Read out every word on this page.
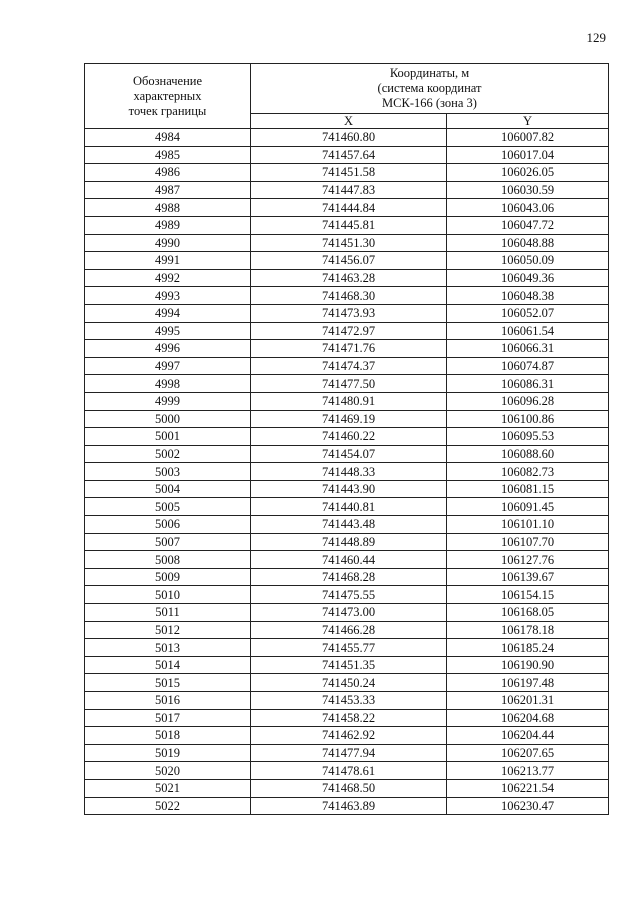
129
Обозначение
характерных
точек границы	Координаты, м
(система координат
МСК-166 (зона 3)	

	X	Y
4984	741460.80	106007.82
4985	741457.64	106017.04
4986	741451.58	106026.05
4987	741447.83	106030.59
4988	741444.84	106043.06
4989	741445.81	106047.72
4990	741451.30	106048.88
4991	741456.07	106050.09
4992	741463.28	106049.36
4993	741468.30	106048.38
4994	741473.93	106052.07
4995	741472.97	106061.54
4996	741471.76	106066.31
4997	741474.37	106074.87
4998	741477.50	106086.31
4999	741480.91	106096.28
5000	741469.19	106100.86
5001	741460.22	106095.53
5002	741454.07	106088.60
5003	741448.33	106082.73
5004	741443.90	106081.15
5005	741440.81	106091.45
5006	741443.48	106101.10
5007	741448.89	106107.70
5008	741460.44	106127.76
5009	741468.28	106139.67
5010	741475.55	106154.15
5011	741473.00	106168.05
5012	741466.28	106178.18
5013	741455.77	106185.24
5014	741451.35	106190.90
5015	741450.24	106197.48
5016	741453.33	106201.31
5017	741458.22	106204.68
5018	741462.92	106204.44
5019	741477.94	106207.65
5020	741478.61	106213.77
5021	741468.50	106221.54
5022	741463.89	106230.47
